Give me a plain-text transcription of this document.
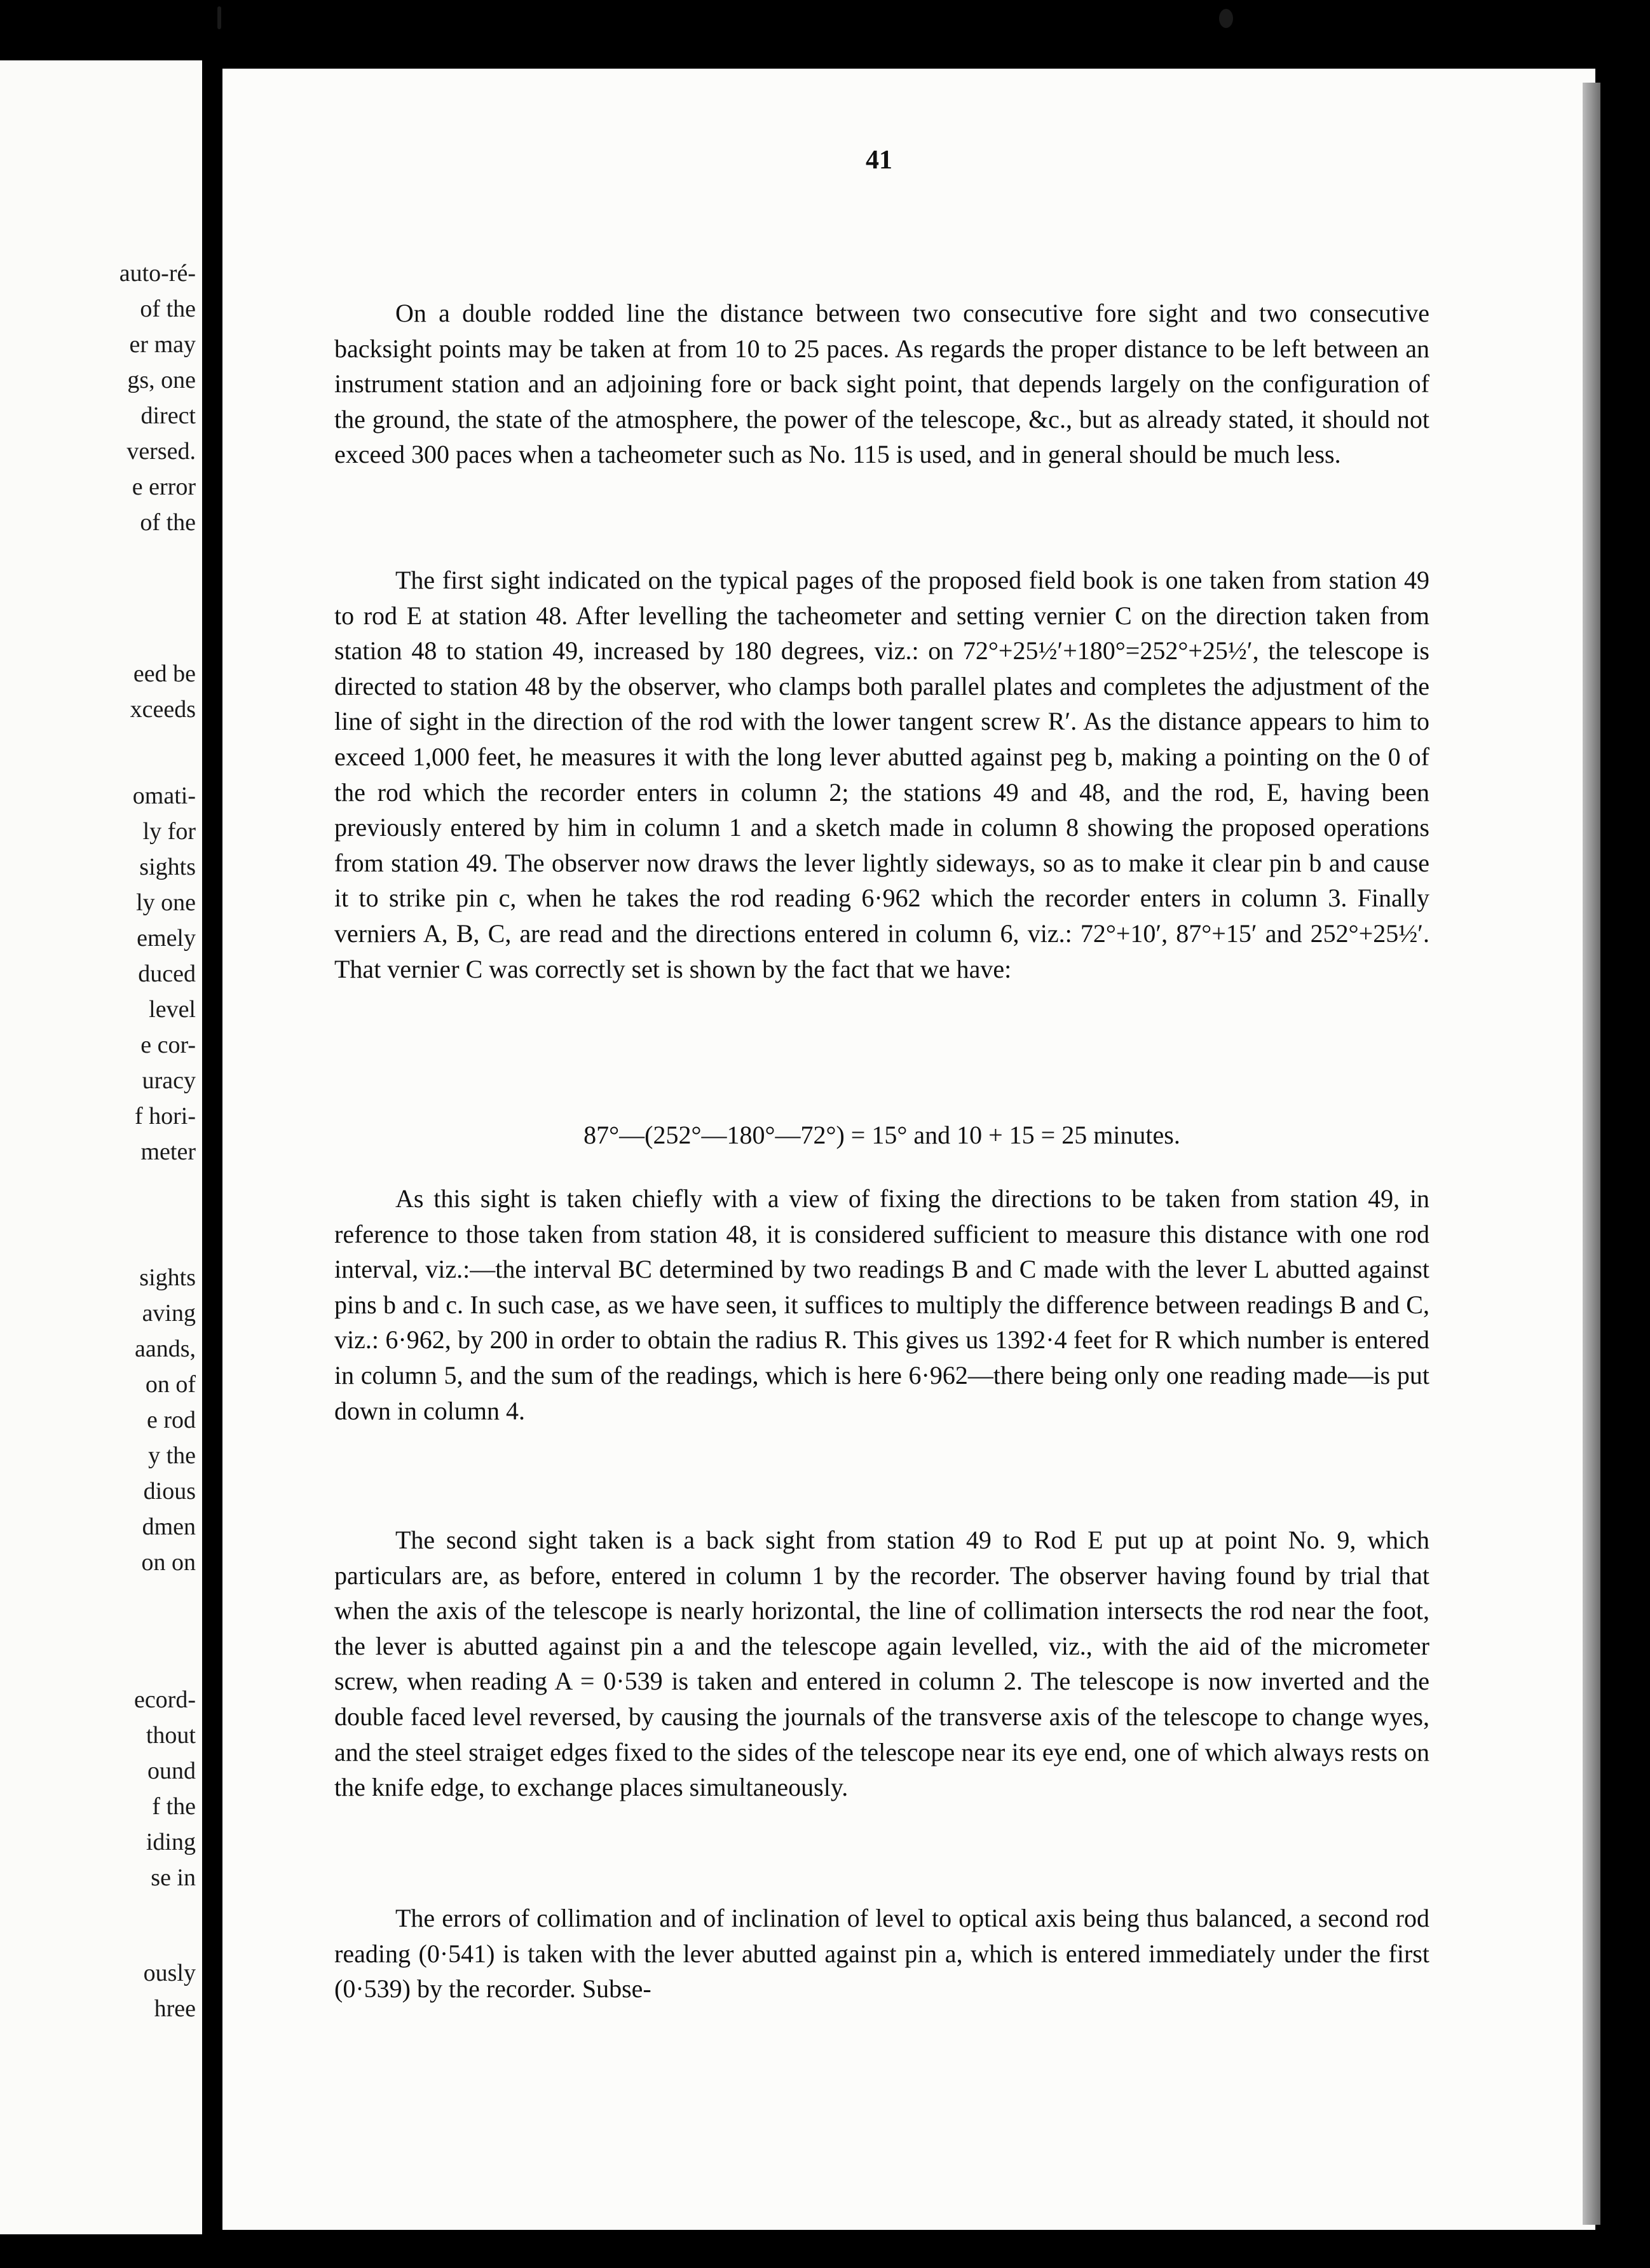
auto-ré-
of the
er may
gs, one
direct
versed.
e error
of the
eed be
xceeds
omati-
ly for
sights
ly one
emely
duced
level
e cor-
uracy
f hori-
meter
sights
aving
aands,
on of
e rod
y the
dious
dmen
on on
ecord-
thout
ound
f the
iding
se in
ously
hree
41

On a double rodded line the distance between two consecutive fore sight and two consecutive backsight points may be taken at from 10 to 25 paces. As regards the proper distance to be left between an instrument station and an adjoining fore or back sight point, that depends largely on the configuration of the ground, the state of the atmosphere, the power of the telescope, &c., but as already stated, it should not exceed 300 paces when a tacheometer such as No. 115 is used, and in general should be much less.

The first sight indicated on the typical pages of the proposed field book is one taken from station 49 to rod E at station 48. After levelling the tacheometer and setting vernier C on the direction taken from station 48 to station 49, increased by 180 degrees, viz.: on 72°+25½′+180°=252°+25½′, the telescope is directed to station 48 by the observer, who clamps both parallel plates and completes the adjustment of the line of sight in the direction of the rod with the lower tangent screw R′. As the distance appears to him to exceed 1,000 feet, he measures it with the long lever abutted against peg b, making a pointing on the 0 of the rod which the recorder enters in column 2; the stations 49 and 48, and the rod, E, having been previously entered by him in column 1 and a sketch made in column 8 showing the proposed operations from station 49. The observer now draws the lever lightly sideways, so as to make it clear pin b and cause it to strike pin c, when he takes the rod reading 6·962 which the recorder enters in column 3. Finally verniers A, B, C, are read and the directions entered in column 6, viz.: 72°+10′, 87°+15′ and 252°+25½′. That vernier C was correctly set is shown by the fact that we have:

87°—(252°—180°—72°) = 15° and 10 + 15 = 25 minutes.

As this sight is taken chiefly with a view of fixing the directions to be taken from station 49, in reference to those taken from station 48, it is considered sufficient to measure this distance with one rod interval, viz.:—the interval BC determined by two readings B and C made with the lever L abutted against pins b and c. In such case, as we have seen, it suffices to multiply the difference between readings B and C, viz.: 6·962, by 200 in order to obtain the radius R. This gives us 1392·4 feet for R which number is entered in column 5, and the sum of the readings, which is here 6·962—there being only one reading made—is put down in column 4.

The second sight taken is a back sight from station 49 to Rod E put up at point No. 9, which particulars are, as before, entered in column 1 by the recorder. The observer having found by trial that when the axis of the telescope is nearly horizontal, the line of collimation intersects the rod near the foot, the lever is abutted against pin a and the telescope again levelled, viz., with the aid of the micrometer screw, when reading A = 0·539 is taken and entered in column 2. The telescope is now inverted and the double faced level reversed, by causing the journals of the transverse axis of the telescope to change wyes, and the steel straiget edges fixed to the sides of the telescope near its eye end, one of which always rests on the knife edge, to exchange places simultaneously.

The errors of collimation and of inclination of level to optical axis being thus balanced, a second rod reading (0·541) is taken with the lever abutted against pin a, which is entered immediately under the first (0·539) by the recorder. Subse-
